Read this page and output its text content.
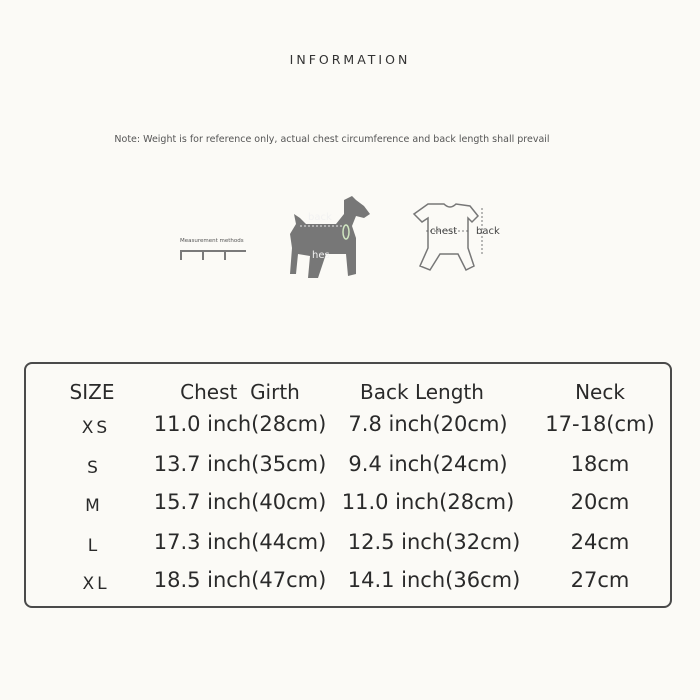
INFORMATION
Note: Weight is for reference only, actual chest circumference and back length shall prevail
Measurement methods
back
hes
chest back
SIZE	Chest  Girth	Back Length	Neck
XS 11.0 inch(28cm) 7.8 inch(20cm) 17-18(cm)
S	13.7 inch(35cm) 9.4 inch(24cm)	18cm
M 15.7 inch(40cm) 11.0 inch(28cm)	20cm
L	17.3 inch(44cm) 12.5 inch(32cm) 24cm
XL 18.5 inch(47cm) 14.1 inch(36cm) 27cm
